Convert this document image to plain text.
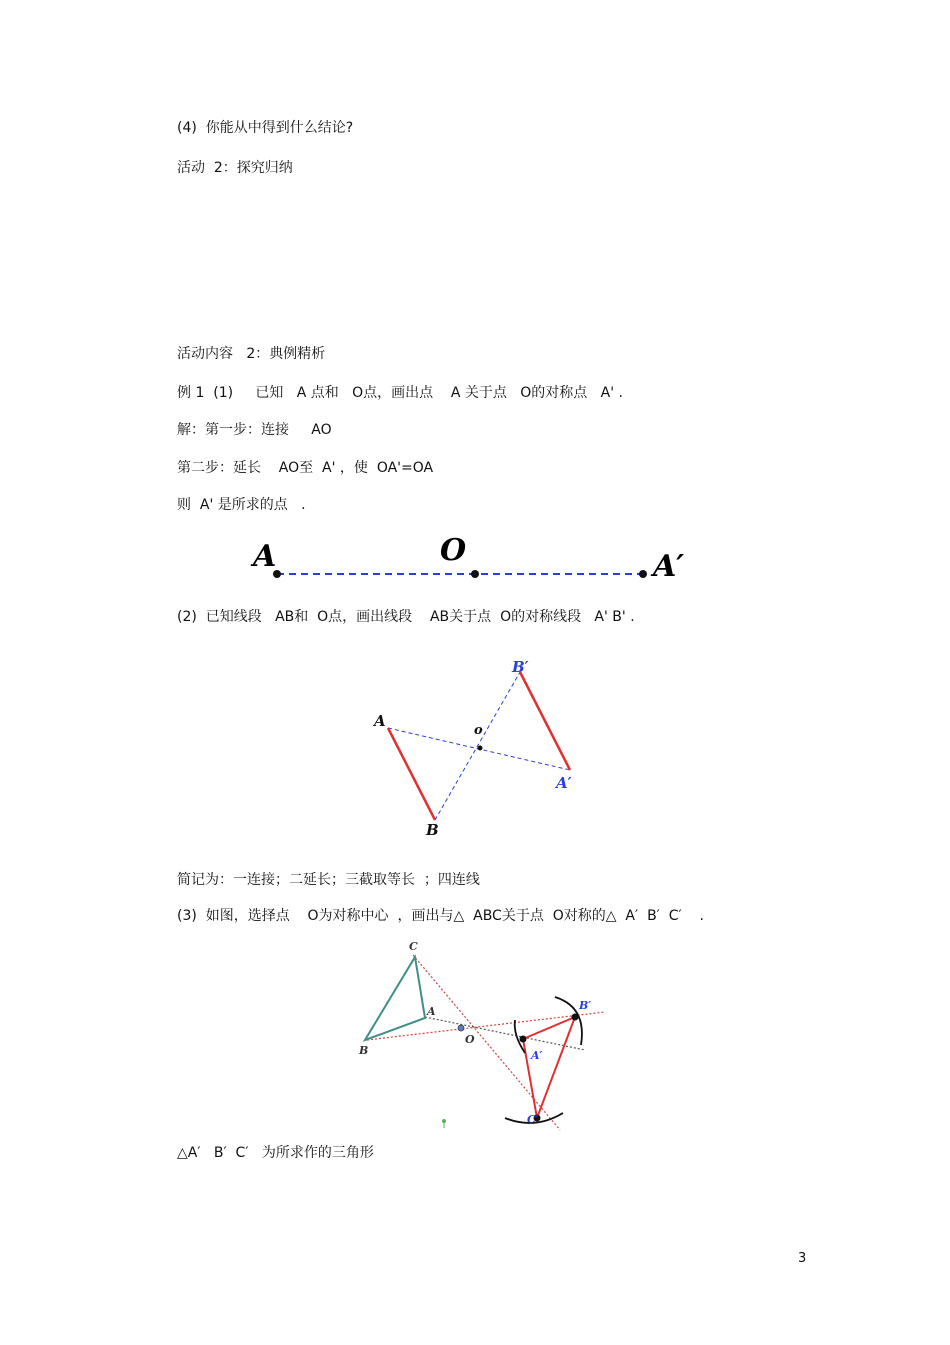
(4)  你能从中得到什么结论?
活动  2：探究归纳
活动内容   2：典例精析
例 1  (1)     已知   A 点和   O点，画出点    A 关于点   O的对称点   A' .
解：第一步：连接     AO
第二步：延长    AO至  A' ，使  OA'=OA
则  A' 是所求的点   .
A	O	A′
(2)  已知线段   AB和  O点，画出线段    AB关于点  O的对称线段   A' B' .
A
B
o
A′
B′
简记为：一连接；二延长；三截取等长  ；四连线
(3)  如图，选择点    O为对称中心  ，画出与△  ABC关于点  O对称的△  A′  B′  C′    .
C
A
B
O
A′
B′
C′
△A′   B′  C′   为所求作的三角形
3
